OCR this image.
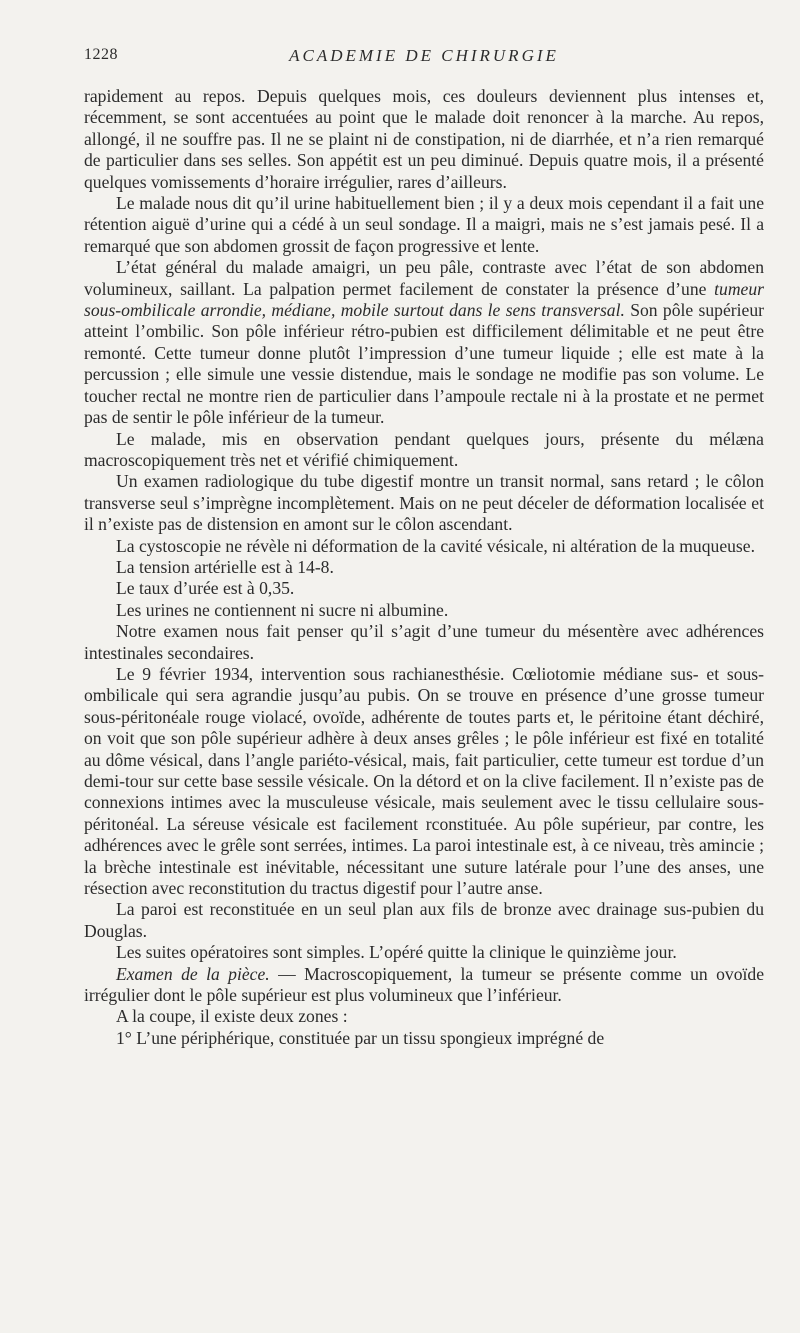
1228	ACADEMIE DE CHIRURGIE

rapidement au repos. Depuis quelques mois, ces douleurs deviennent plus intenses et, récemment, se sont accentuées au point que le malade doit renoncer à la marche. Au repos, allongé, il ne souffre pas. Il ne se plaint ni de constipation, ni de diarrhée, et n’a rien remarqué de particulier dans ses selles. Son appétit est un peu diminué. Depuis quatre mois, il a présenté quelques vomissements d’horaire irrégulier, rares d’ailleurs.

Le malade nous dit qu’il urine habituellement bien ; il y a deux mois cependant il a fait une rétention aiguë d’urine qui a cédé à un seul sondage. Il a maigri, mais ne s’est jamais pesé. Il a remarqué que son abdomen grossit de façon progressive et lente.

L’état général du malade amaigri, un peu pâle, contraste avec l’état de son abdomen volumineux, saillant. La palpation permet facilement de constater la présence d’une tumeur sous-ombilicale arrondie, médiane, mobile surtout dans le sens transversal. Son pôle supérieur atteint l’ombilic. Son pôle inférieur rétro-pubien est difficilement délimitable et ne peut être remonté. Cette tumeur donne plutôt l’impression d’une tumeur liquide ; elle est mate à la percussion ; elle simule une vessie distendue, mais le sondage ne modifie pas son volume. Le toucher rectal ne montre rien de particulier dans l’ampoule rectale ni à la prostate et ne permet pas de sentir le pôle inférieur de la tumeur.

Le malade, mis en observation pendant quelques jours, présente du mélæna macroscopiquement très net et vérifié chimiquement.

Un examen radiologique du tube digestif montre un transit normal, sans retard ; le côlon transverse seul s’imprègne incomplètement. Mais on ne peut déceler de déformation localisée et il n’existe pas de distension en amont sur le côlon ascendant.

La cystoscopie ne révèle ni déformation de la cavité vésicale, ni altération de la muqueuse.

La tension artérielle est à 14-8.

Le taux d’urée est à 0,35.

Les urines ne contiennent ni sucre ni albumine.

Notre examen nous fait penser qu’il s’agit d’une tumeur du mésentère avec adhérences intestinales secondaires.

Le 9 février 1934, intervention sous rachianesthésie. Cœliotomie médiane sus- et sous-ombilicale qui sera agrandie jusqu’au pubis. On se trouve en présence d’une grosse tumeur sous-péritonéale rouge violacé, ovoïde, adhérente de toutes parts et, le péritoine étant déchiré, on voit que son pôle supérieur adhère à deux anses grêles ; le pôle inférieur est fixé en totalité au dôme vésical, dans l’angle pariéto-vésical, mais, fait particulier, cette tumeur est tordue d’un demi-tour sur cette base sessile vésicale. On la détord et on la clive facilement. Il n’existe pas de connexions intimes avec la musculeuse vésicale, mais seulement avec le tissu cellulaire sous-péritonéal. La séreuse vésicale est facilement rconstituée. Au pôle supérieur, par contre, les adhérences avec le grêle sont serrées, intimes. La paroi intestinale est, à ce niveau, très amincie ; la brèche intestinale est inévitable, nécessitant une suture latérale pour l’une des anses, une résection avec reconstitution du tractus digestif pour l’autre anse.

La paroi est reconstituée en un seul plan aux fils de bronze avec drainage sus-pubien du Douglas.

Les suites opératoires sont simples. L’opéré quitte la clinique le quinzième jour.

Examen de la pièce. — Macroscopiquement, la tumeur se présente comme un ovoïde irrégulier dont le pôle supérieur est plus volumineux que l’inférieur.

A la coupe, il existe deux zones :

1° L’une périphérique, constituée par un tissu spongieux imprégné de
